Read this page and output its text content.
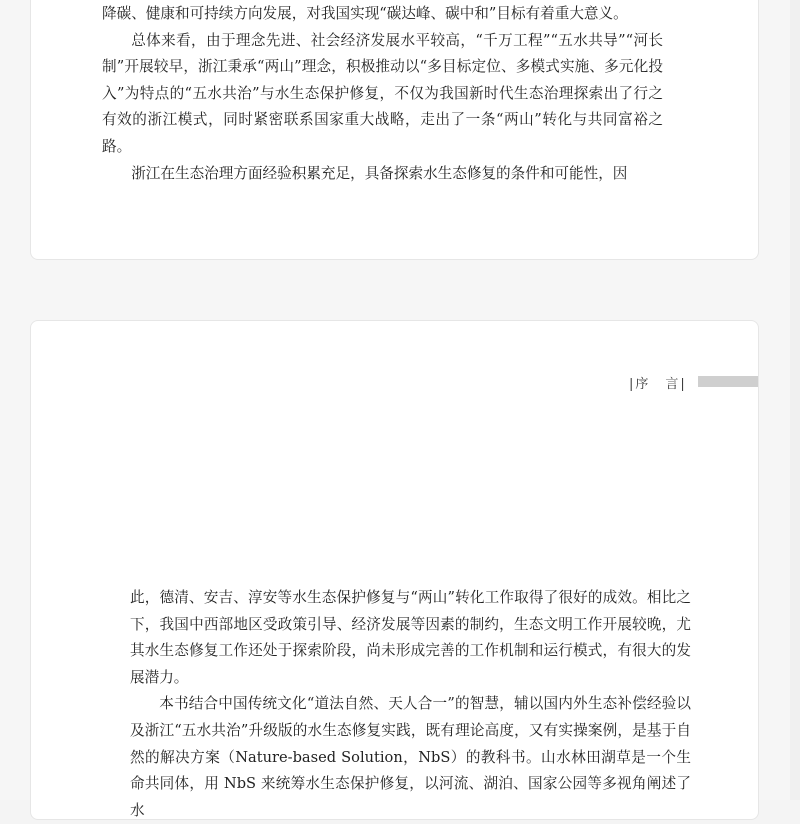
降碳、健康和可持续方向发展，对我国实现“碳达峰、碳中和”目标有着重大意义。

总体来看，由于理念先进、社会经济发展水平较高，“千万工程”“五水共导”“河长制”开展较早，浙江秉承“两山”理念，积极推动以“多目标定位、多模式实施、多元化投入”为特点的“五水共治”与水生态保护修复，不仅为我国新时代生态治理探索出了行之有效的浙江模式，同时紧密联系国家重大战略，走出了一条“两山”转化与共同富裕之路。

浙江在生态治理方面经验积累充足，具备探索水生态修复的条件和可能性，因

|序　言|

此，德清、安吉、淳安等水生态保护修复与“两山”转化工作取得了很好的成效。相比之下，我国中西部地区受政策引导、经济发展等因素的制约，生态文明工作开展较晚，尤其水生态修复工作还处于探索阶段，尚未形成完善的工作机制和运行模式，有很大的发展潜力。

本书结合中国传统文化“道法自然、天人合一”的智慧，辅以国内外生态补偿经验以及浙江“五水共治”升级版的水生态修复实践，既有理论高度，又有实操案例，是基于自然的解决方案（Nature-based Solution，NbS）的教科书。山水林田湖草是一个生命共同体，用 NbS 来统筹水生态保护修复，以河流、湖泊、国家公园等多视角阐述了水
